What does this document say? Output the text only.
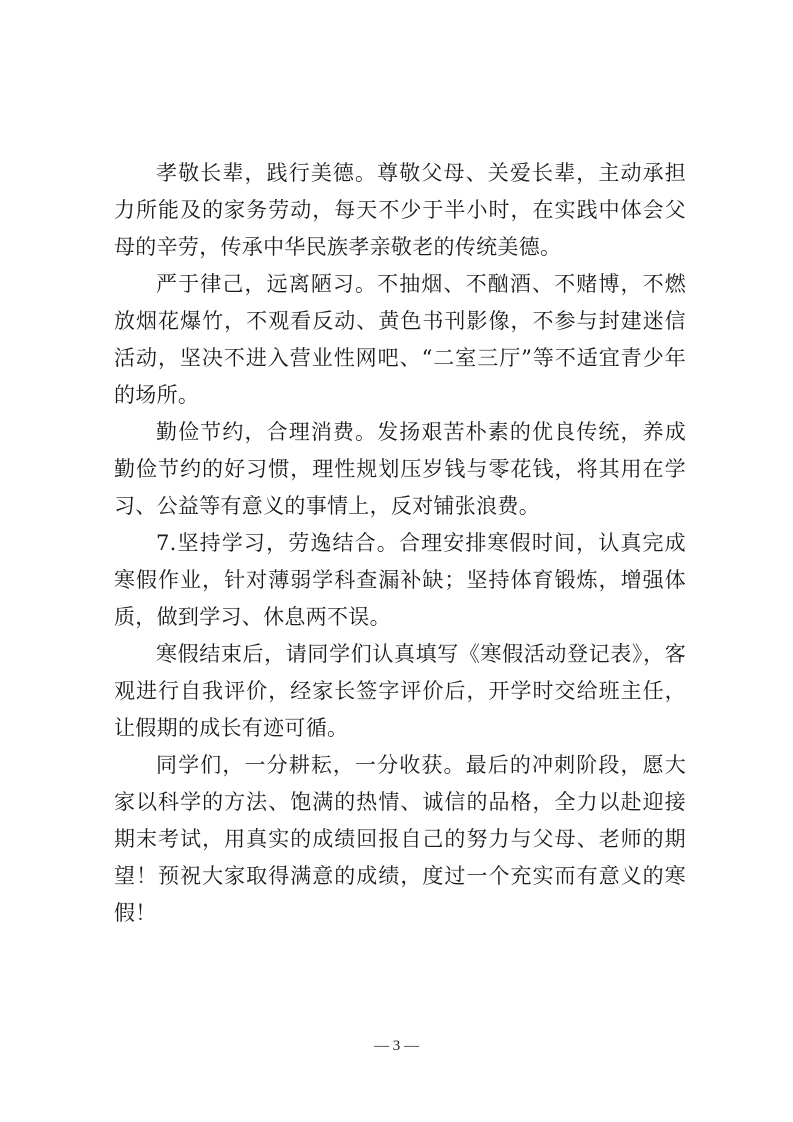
孝敬长辈，践行美德。尊敬父母、关爱长辈，主动承担力所能及的家务劳动，每天不少于半小时，在实践中体会父母的辛劳，传承中华民族孝亲敬老的传统美德。

严于律己，远离陋习。不抽烟、不酗酒、不赌博，不燃放烟花爆竹，不观看反动、黄色书刊影像，不参与封建迷信活动，坚决不进入营业性网吧、“二室三厅”等不适宜青少年的场所。

勤俭节约，合理消费。发扬艰苦朴素的优良传统，养成勤俭节约的好习惯，理性规划压岁钱与零花钱，将其用在学习、公益等有意义的事情上，反对铺张浪费。

7.坚持学习，劳逸结合。合理安排寒假时间，认真完成寒假作业，针对薄弱学科查漏补缺；坚持体育锻炼，增强体质，做到学习、休息两不误。

寒假结束后，请同学们认真填写《寒假活动登记表》，客观进行自我评价，经家长签字评价后，开学时交给班主任，让假期的成长有迹可循。

同学们，一分耕耘，一分收获。最后的冲刺阶段，愿大家以科学的方法、饱满的热情、诚信的品格，全力以赴迎接期末考试，用真实的成绩回报自己的努力与父母、老师的期望！预祝大家取得满意的成绩，度过一个充实而有意义的寒假！

— 3 —
